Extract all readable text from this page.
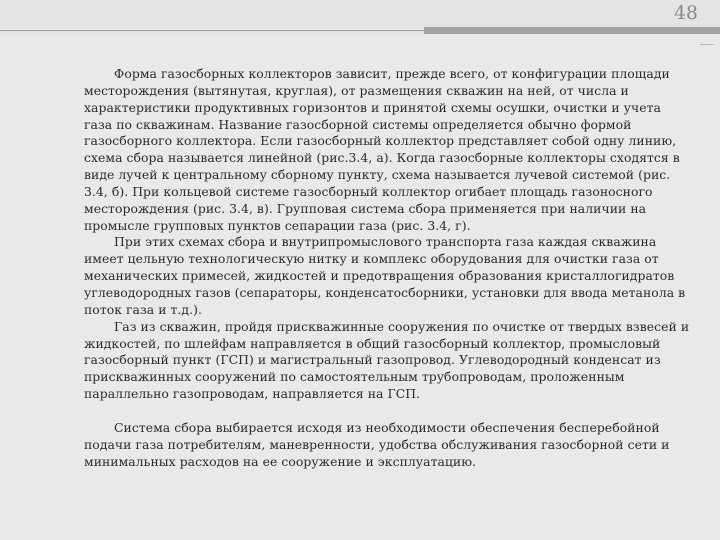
48

Форма газосборных коллекторов зависит, прежде всего, от конфигурации площади месторождения (вытянутая, круглая), от размещения скважин на ней, от числа и характеристики продуктивных горизонтов и принятой схемы осушки, очистки и учета газа по скважинам. Название газосборной системы определяется обычно формой газосборного коллектора. Если газосборный коллектор представляет собой одну линию, схема сбора называется линейной (рис.3.4, а). Когда газосборные коллекторы сходятся в виде лучей к центральному сборному пункту, схема называется лучевой системой (рис. 3.4, б). При кольцевой системе газосборный коллектор огибает площадь газоносного месторождения (рис. 3.4, в). Групповая система сбора применяется при наличии на промысле групповых пунктов сепарации газа (рис. 3.4, г).

При этих схемах сбора и внутрипромыслового транспорта газа каждая скважина имеет цельную технологическую нитку и комплекс оборудования для очистки газа от механических примесей, жидкостей и предотвращения образования кристаллогидратов углеводородных газов (сепараторы, конденсатосборники, установки для ввода метанола в поток газа и т.д.).

Газ из скважин, пройдя прискважинные сооружения по очистке от твердых взвесей и жидкостей, по шлейфам направляется в общий газосборный коллектор, промысловый газосборный пункт (ГСП) и магистральный газопровод. Углеводородный конденсат из прискважинных сооружений по самостоятельным трубопроводам, проложенным параллельно газопроводам, направляется на ГСП.

Система сбора выбирается исходя из необходимости обеспечения бесперебойной подачи газа потребителям, маневренности, удобства обслуживания газосборной сети и минимальных расходов на ее сооружение и эксплуатацию.
